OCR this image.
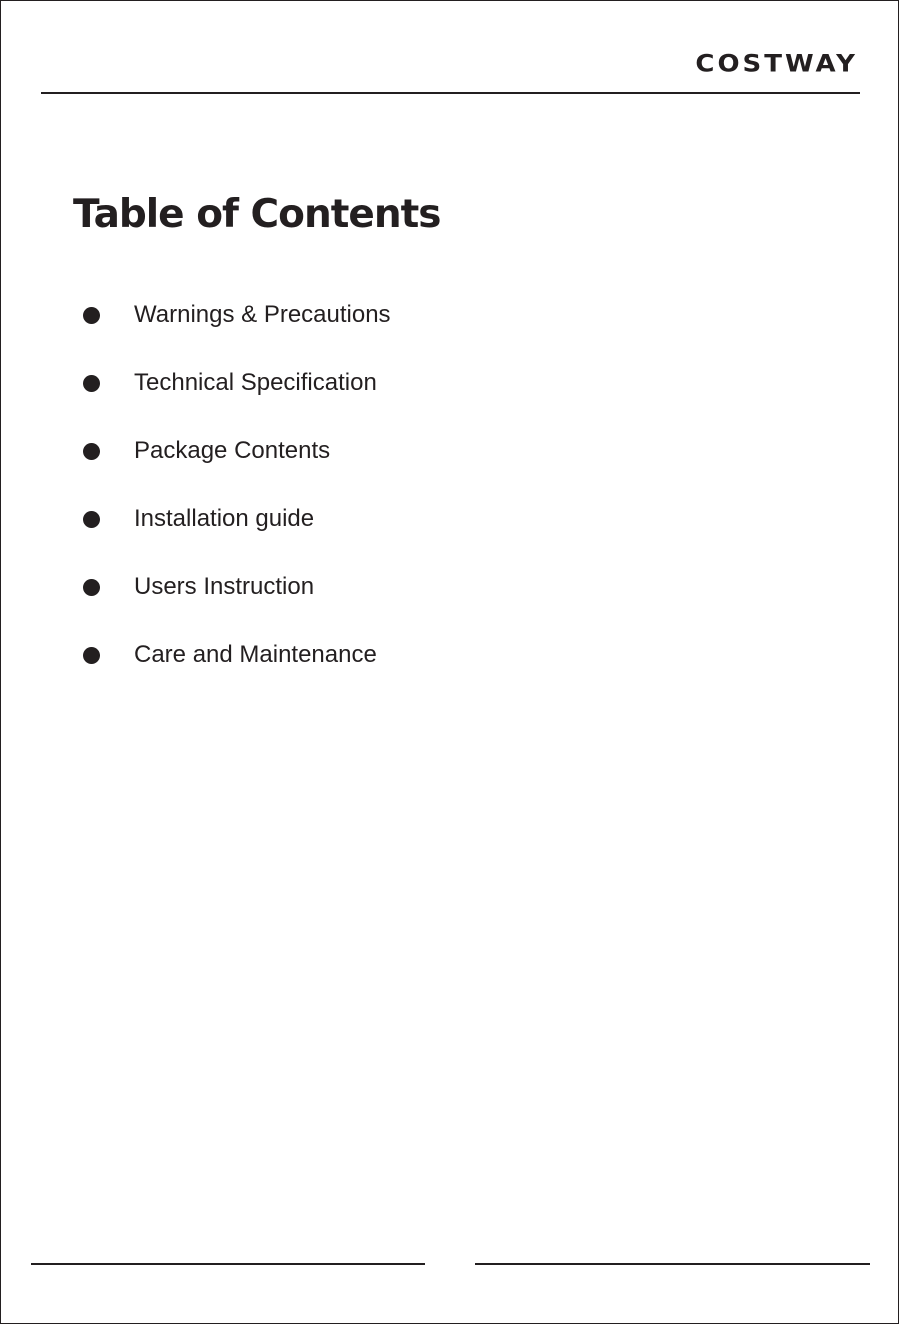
COSTWAY
Table of Contents
Warnings & Precautions
Technical Specification
Package Contents
Installation guide
Users Instruction
Care and Maintenance
